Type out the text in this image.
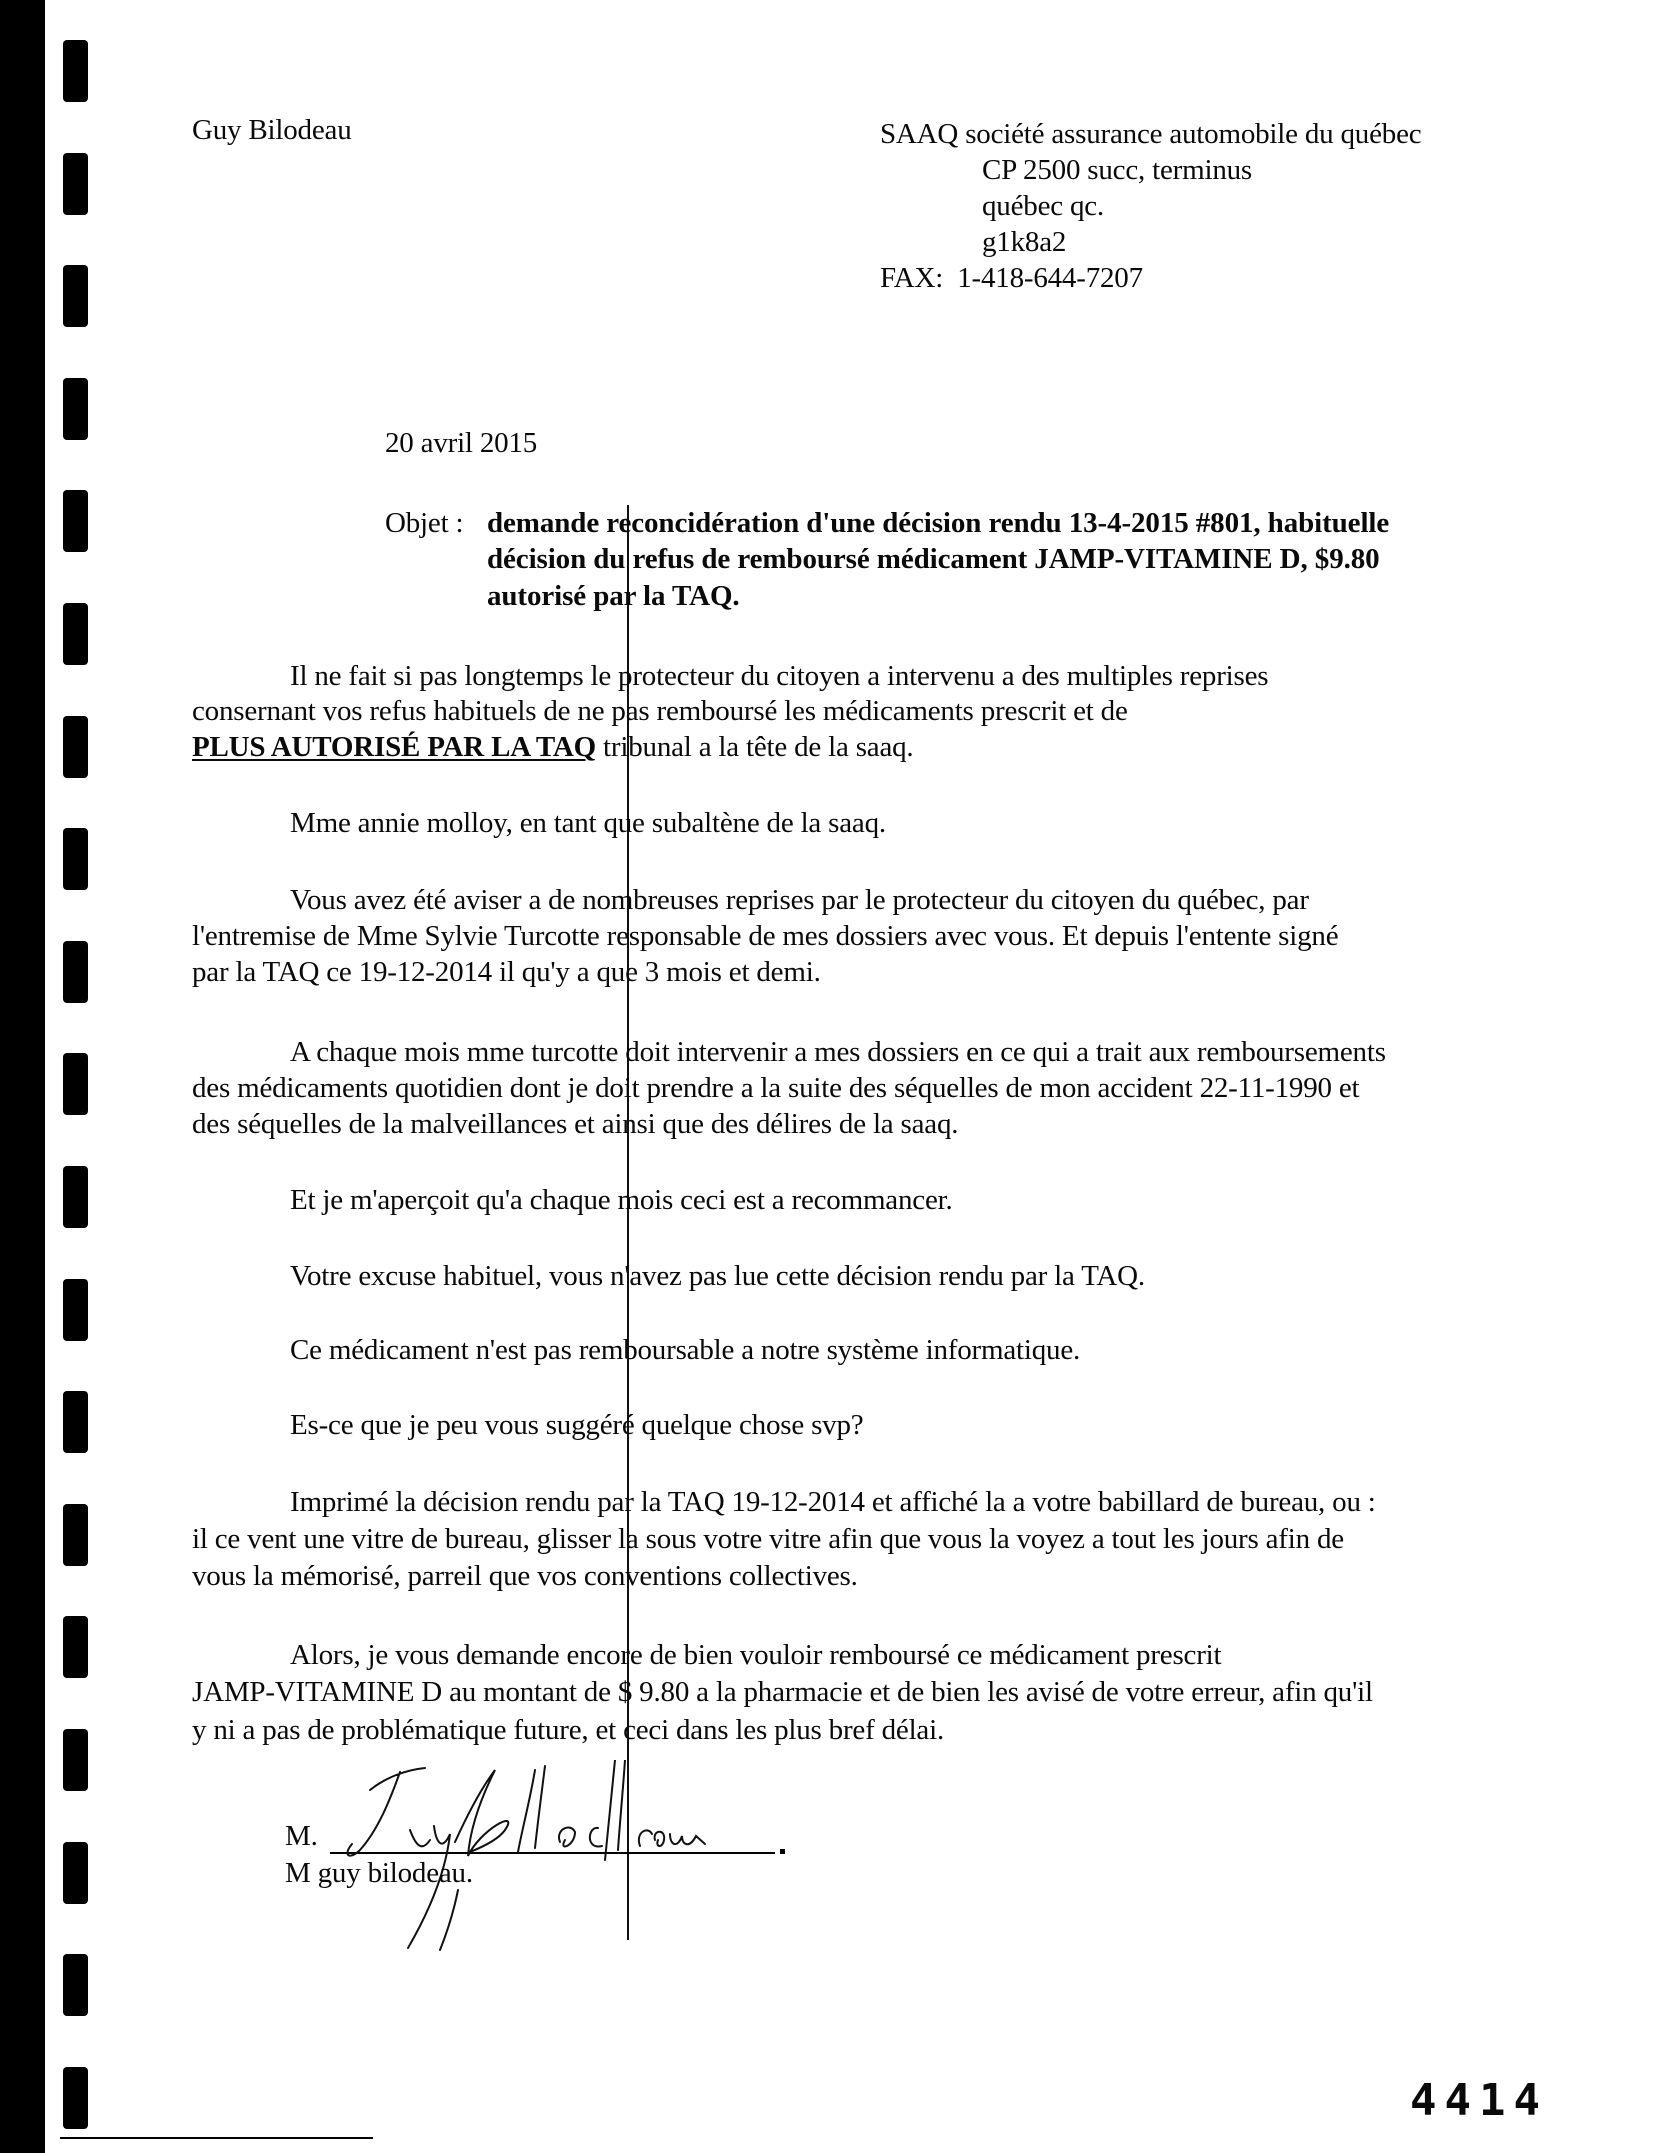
Guy Bilodeau	SAAQ société assurance automobile du québec
CP 2500 succ, terminus
québec qc.
g1k8a2
FAX:  1-418-644-7207
20 avril 2015
Objet : demande reconcidération d'une décision rendu 13-4-2015 #801, habituelle
décision du refus de remboursé médicament JAMP-VITAMINE D, $9.80
autorisé par la TAQ.
Il ne fait si pas longtemps le protecteur du citoyen a intervenu a des multiples reprises
consernant vos refus habituels de ne pas remboursé les médicaments prescrit et de
PLUS AUTORISÉ PAR LA TAQ tribunal a la tête de la saaq.
Mme annie molloy, en tant que subaltène de la saaq.
Vous avez été aviser a de nombreuses reprises par le protecteur du citoyen du québec, par
l'entremise de Mme Sylvie Turcotte responsable de mes dossiers avec vous. Et depuis l'entente signé
par la TAQ ce 19-12-2014 il qu'y a que 3 mois et demi.
A chaque mois mme turcotte doit intervenir a mes dossiers en ce qui a trait aux remboursements
des médicaments quotidien dont je doit prendre a la suite des séquelles de mon accident 22-11-1990 et
des séquelles de la malveillances et ainsi que des délires de la saaq.
Et je m'aperçoit qu'a chaque mois ceci est a recommancer.
Votre excuse habituel, vous n'avez pas lue cette décision rendu par la TAQ.
Ce médicament n'est pas remboursable a notre système informatique.
Es-ce que je peu vous suggéré quelque chose svp?
Imprimé la décision rendu par la TAQ 19-12-2014 et affiché la a votre babillard de bureau, ou :
il ce vent une vitre de bureau, glisser la sous votre vitre afin que vous la voyez a tout les jours afin de
vous la mémorisé, parreil que vos conventions collectives.
Alors, je vous demande encore de bien vouloir remboursé ce médicament prescrit
JAMP-VITAMINE D au montant de $ 9.80 a la pharmacie et de bien les avisé de votre erreur, afin qu'il
y ni a pas de problématique future, et ceci dans les plus bref délai.
M.
M guy bilodeau.
4414
